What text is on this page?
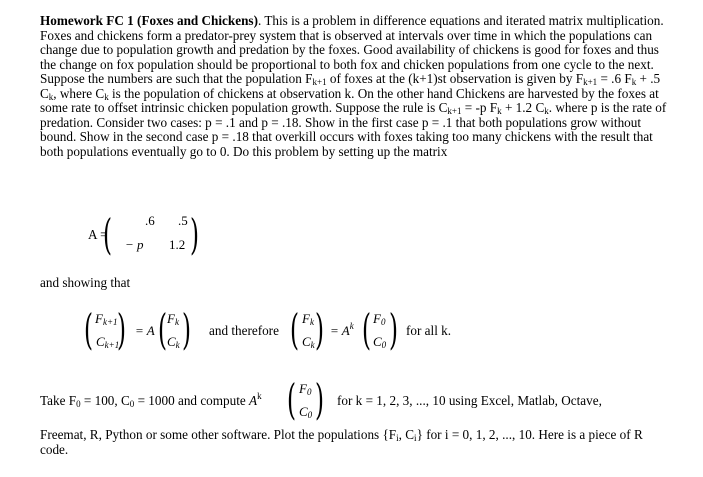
Homework FC 1 (Foxes and Chickens). This is a problem in difference equations and iterated matrix multiplication. Foxes and chickens form a predator-prey system that is observed at intervals over time in which the populations can change due to population growth and predation by the foxes. Good availability of chickens is good for foxes and thus the change on fox population should be proportional to both fox and chicken populations from one cycle to the next. Suppose the numbers are such that the population $F_{k+1}$ of foxes at the (k+1)st observation is given by $F_{k+1} = .6$ $F_k + .5$ $C_k$, where $C_k$ is the population of chickens at observation k. On the other hand Chickens are harvested by the foxes at some rate to offset intrinsic chicken population growth. Suppose the rule is $C_{k+1} = -p$ $F_k + 1.2$ $C_k$. where p is the rate of predation. Consider two cases: p = .1 and p = .18. Show in the first case p = .1 that both populations grow without bound. Show in the second case p = .18 that overkill occurs with foxes taking too many chickens with the result that both populations eventually go to 0. Do this problem by setting up the matrix
A =
(	.6 .5
− p 1.2 )
and showing that
( $F_{k+1}$
$C_{k+1}$
) = A ( $F_k$
$C_k$ ) and therefore ( $F_k$
$C_k$ ) = $A^k$ ( $F_0$
$C_0$ ) for all k.
Take $F_0 = 100$, $C_0 = 1000$ and compute $A^k$ ( $F_0$
$C_0$ ) for k = 1, 2, 3, ..., 10 using Excel, Matlab, Octave,
Freemat, R, Python or some other software. Plot the populations {$F_i$, $C_i$} for i = 0, 1, 2, ..., 10. Here is a piece of R code.
